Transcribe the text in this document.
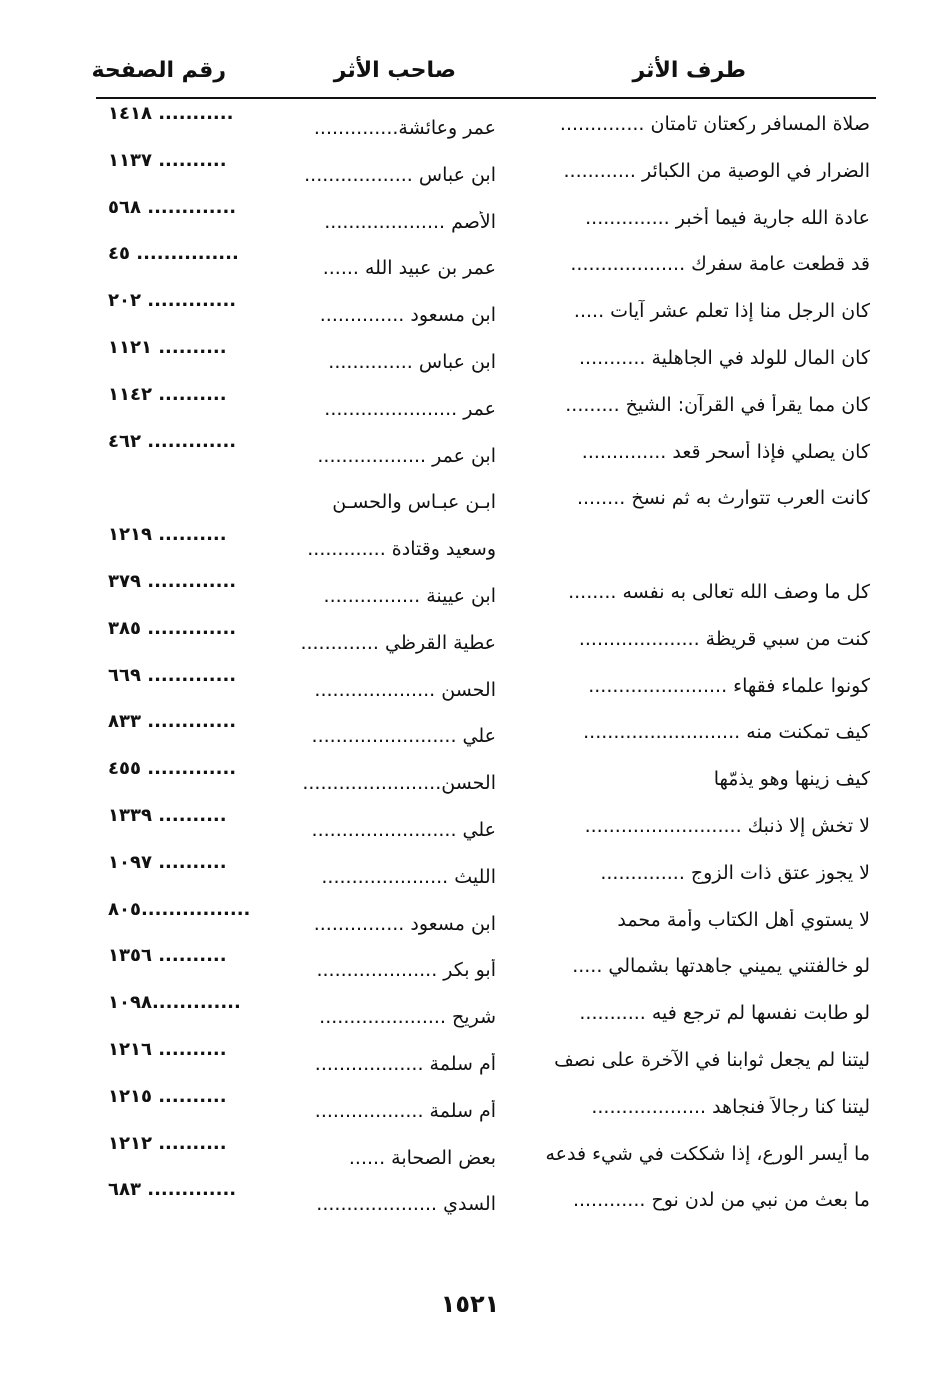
طرف الأثر
صاحب الأثر
رقم الصفحة
صلاة المسافر ركعتان تامتان ..............
عمر وعائشة..............
١٤١٨ ...........
الضرار في الوصية من الكبائر ............
ابن عباس ..................
١١٣٧ ..........
عادة الله جارية فيما أخبر ..............
الأصم ....................
٥٦٨ .............
قد قطعت عامة سفرك ...................
عمر بن عبيد الله ......
٤٥ ...............
كان الرجل منا إذا تعلم عشر آيات .....
ابن مسعود ..............
٢٠٢ .............
كان المال للولد في الجاهلية ...........
ابن عباس ..............
١١٢١ ..........
كان مما يقرأ في القرآن: الشيخ .........
عمر ......................
١١٤٢ ..........
كان يصلي فإذا أسحر قعد ..............
ابن عمر ..................
٤٦٢ .............
كانت العرب تتوارث به ثم نسخ ........
ابـن عبـاس والحسـن
وسعيد وقتادة .............
١٢١٩ ..........
كل ما وصف الله تعالى به نفسه ........
ابن عيينة ................
٣٧٩ .............
كنت من سبي قريظة ....................
عطية القرظي .............
٣٨٥ .............
كونوا علماء فقهاء .......................
الحسن ....................
٦٦٩ .............
كيف تمكنت منه ..........................
علي ........................
٨٣٣ .............
كيف زينها وهو يذمّها
الحسن.......................
٤٥٥ .............
لا تخش إلا ذنبك ..........................
علي ........................
١٣٣٩ ..........
لا يجوز عتق ذات الزوج ..............
الليث .....................
١٠٩٧ ..........
لا يستوي أهل الكتاب وأمة محمد
ابن مسعود ...............
٨٠٥................
لو خالفتني يميني جاهدتها بشمالي .....
أبو بكر ....................
١٣٥٦ ..........
لو طابت نفسها لم ترجع فيه ...........
شريح .....................
١٠٩٨.............
ليتنا لم يجعل ثوابنا في الآخرة على نصف
أم سلمة ..................
١٢١٦ ..........
ليتنا كنا رجالاً فنجاهد ...................
أم سلمة ..................
١٢١٥ ..........
ما أيسر الورع، إذا شككت في شيء فدعه
بعض الصحابة ......
١٢١٢ ..........
ما بعث من نبي من لدن نوح ............
السدي ....................
٦٨٣ .............
١٥٢١
